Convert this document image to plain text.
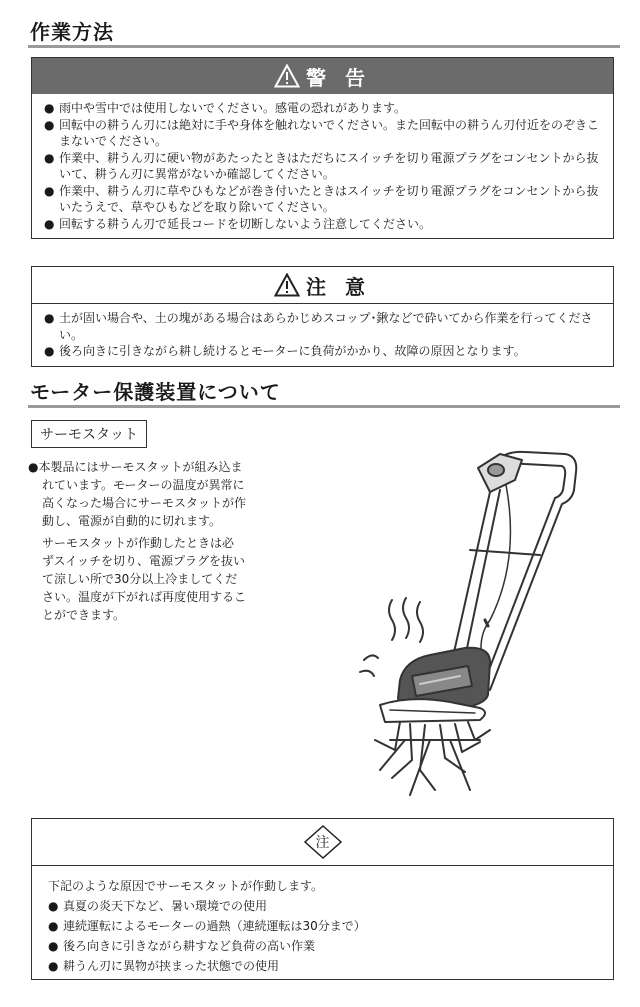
作業方法
警 告
● 雨中や雪中では使用しないでください。感電の恐れがあります。
● 回転中の耕うん刃には絶対に手や身体を触れないでください。また回転中の耕うん刃付近をのぞきこまないでください。
● 作業中、耕うん刃に硬い物があたったときはただちにスイッチを切り電源プラグをコンセントから抜いて、耕うん刃に異常がないか確認してください。
● 作業中、耕うん刃に草やひもなどが巻き付いたときはスイッチを切り電源プラグをコンセントから抜いたうえで、草やひもなどを取り除いてください。
● 回転する耕うん刃で延長コードを切断しないよう注意してください。
注 意
● 土が固い場合や、土の塊がある場合はあらかじめスコップ･鍬などで砕いてから作業を行ってください。
● 後ろ向きに引きながら耕し続けるとモーターに負荷がかかり、故障の原因となります。
モーター保護装置について
サーモスタット

●本製品にはサーモスタットが組み込まれています。モーターの温度が異常に高くなった場合にサーモスタットが作動し、電源が自動的に切れます。

サーモスタットが作動したときは必ずスイッチを切り、電源プラグを抜いて涼しい所で30分以上冷ましてください。温度が下がれば再度使用することができます。

注
下記のような原因でサーモスタットが作動します。
● 真夏の炎天下など、暑い環境での使用
● 連続運転によるモーターの過熱（連続運転は30分まで）
● 後ろ向きに引きながら耕すなど負荷の高い作業
● 耕うん刃に異物が挟まった状態での使用
